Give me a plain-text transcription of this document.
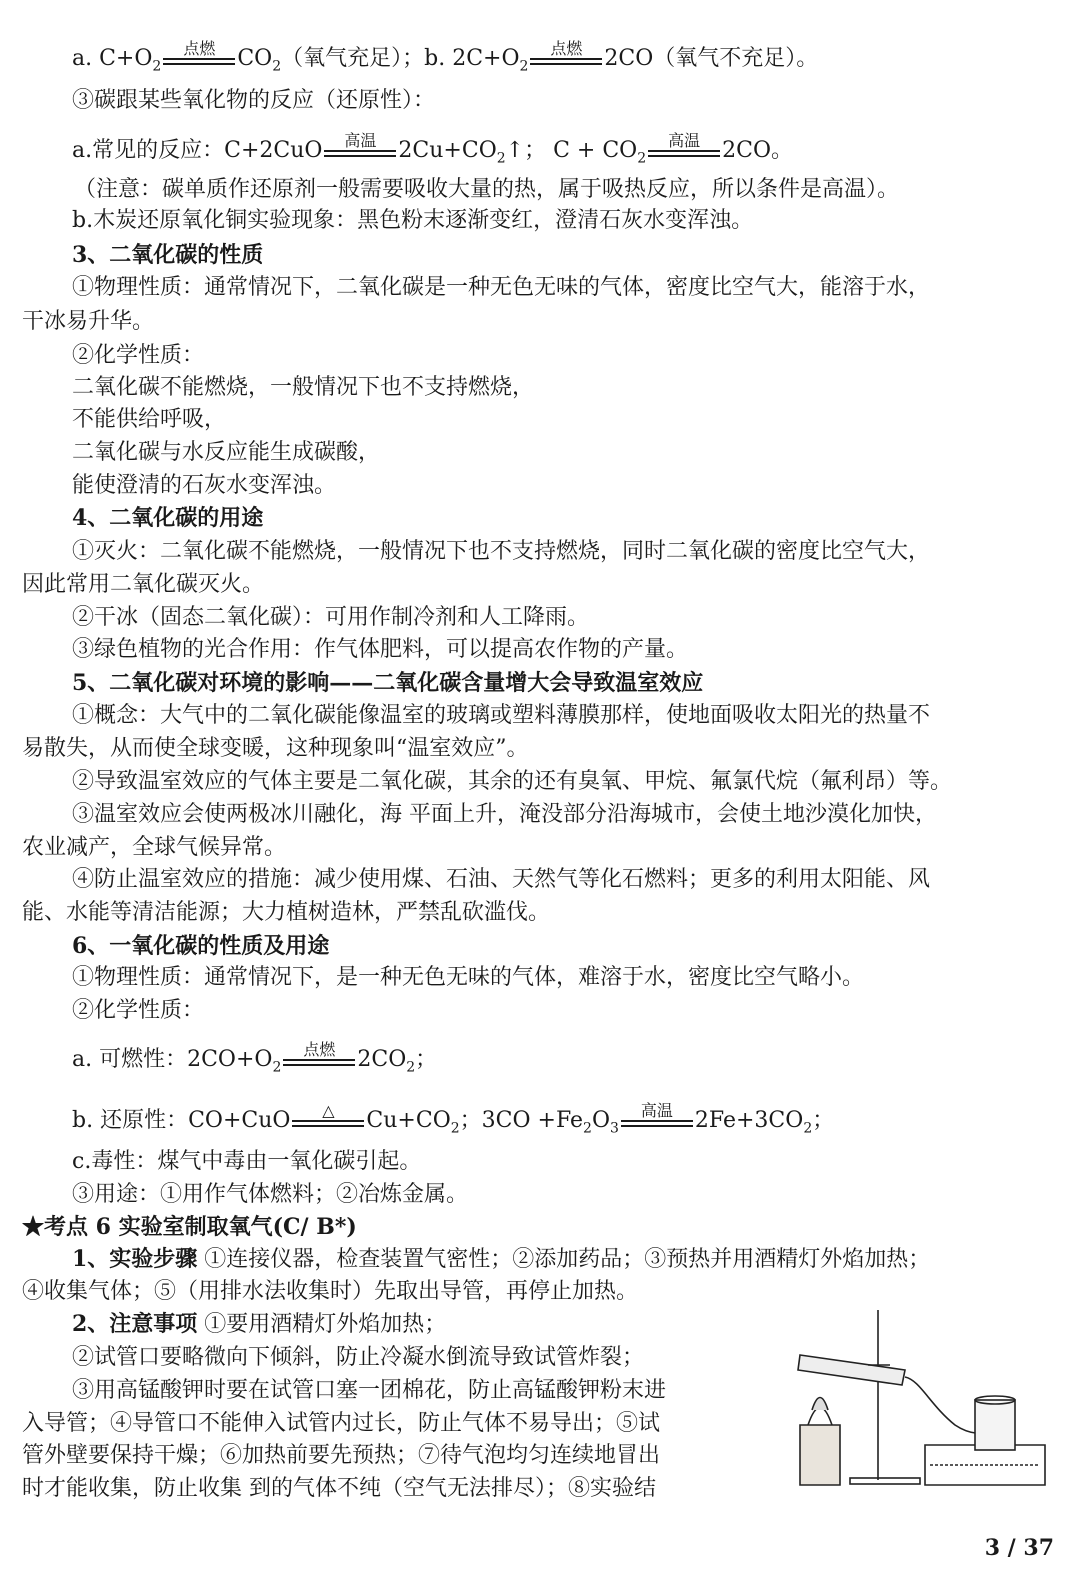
a. $C+O_2$
点燃	$CO_2$（氧气充足）；b. $2C+O_2$
点燃	2CO（氧气不充足）。
③碳跟某些氧化物的反应（还原性）：
a.常见的反应：C+2CuO	高温	$2Cu+CO_2↑$； $C + CO_2$
高温	2CO。
（注意：碳单质作还原剂一般需要吸收大量的热，属于吸热反应，所以条件是高温）。
b.木炭还原氧化铜实验现象：黑色粉末逐渐变红，澄清石灰水变浑浊。
3、二氧化碳的性质
①物理性质：通常情况下，二氧化碳是一种无色无味的气体，密度比空气大，能溶于水，
干冰易升华。
②化学性质：
二氧化碳不能燃烧，一般情况下也不支持燃烧，
不能供给呼吸，
二氧化碳与水反应能生成碳酸，
能使澄清的石灰水变浑浊。
4、二氧化碳的用途
①灭火：二氧化碳不能燃烧，一般情况下也不支持燃烧，同时二氧化碳的密度比空气大，
因此常用二氧化碳灭火。
②干冰（固态二氧化碳）：可用作制冷剂和人工降雨。
③绿色植物的光合作用：作气体肥料，可以提高农作物的产量。
5、二氧化碳对环境的影响——二氧化碳含量增大会导致温室效应
①概念：大气中的二氧化碳能像温室的玻璃或塑料薄膜那样，使地面吸收太阳光的热量不
易散失，从而使全球变暖，这种现象叫“温室效应”。
②导致温室效应的气体主要是二氧化碳，其余的还有臭氧、甲烷、氟氯代烷（氟利昂）等。
③温室效应会使两极冰川融化，海 平面上升，淹没部分沿海城市，会使土地沙漠化加快，
农业减产，全球气候异常。
④防止温室效应的措施：减少使用煤、石油、天然气等化石燃料；更多的利用太阳能、风
能、水能等清洁能源；大力植树造林，严禁乱砍滥伐。
6、一氧化碳的性质及用途
①物理性质：通常情况下，是一种无色无味的气体，难溶于水，密度比空气略小。
②化学性质：
a. 可燃性：$2CO+O_2$
点燃	$2CO_2$；
b. 还原性：CO+CuO	△	$Cu+CO_2$；$3CO +Fe_2O_3$
高温	$2Fe+3CO_2$；
c.毒性：煤气中毒由一氧化碳引起。
③用途：①用作气体燃料；②冶炼金属。
★考点 6 实验室制取氧气(C/ B*)
1、实验步骤 ①连接仪器，检查装置气密性；②添加药品；③预热并用酒精灯外焰加热；
④收集气体；⑤（用排水法收集时）先取出导管，再停止加热。
2、注意事项 ①要用酒精灯外焰加热；
②试管口要略微向下倾斜，防止冷凝水倒流导致试管炸裂；
③用高锰酸钾时要在试管口塞一团棉花，防止高锰酸钾粉末进
入导管；④导管口不能伸入试管内过长，防止气体不易导出；⑤试
管外壁要保持干燥；⑥加热前要先预热；⑦待气泡均匀连续地冒出
时才能收集，防止收集 到的气体不纯（空气无法排尽）；⑧实验结
3 / 37
